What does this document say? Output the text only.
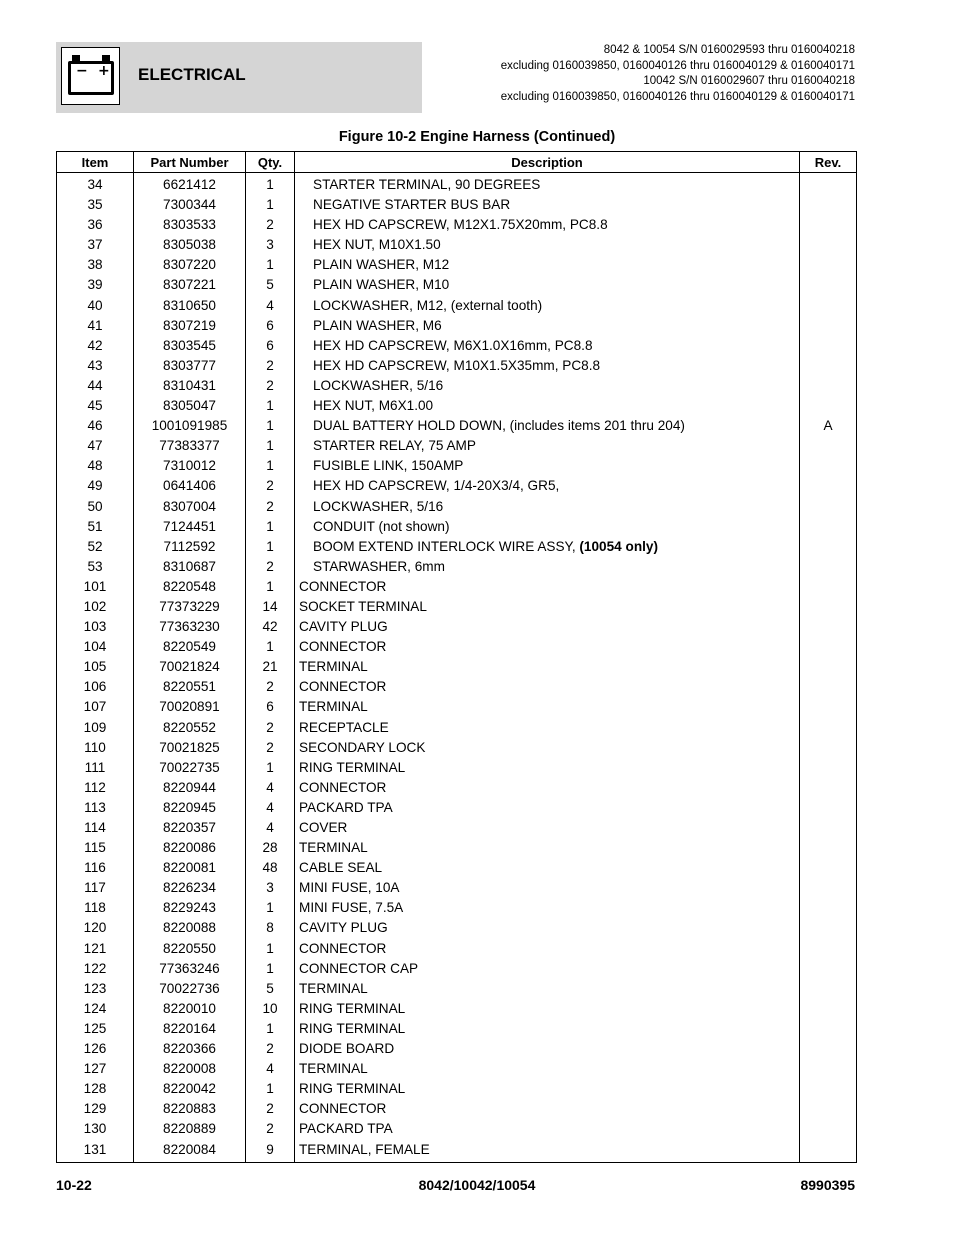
− + ELECTRICAL
8042 & 10054 S/N 0160029593 thru 0160040218
excluding 0160039850, 0160040126 thru 0160040129 & 0160040171
10042 S/N 0160029607 thru 0160040218
excluding 0160039850, 0160040126 thru 0160040129 & 0160040171
Figure 10-2 Engine Harness (Continued)
Item	Part Number	Qty.	Description	Rev.
34	6621412	1	STARTER TERMINAL, 90 DEGREES	
35	7300344	1	NEGATIVE STARTER BUS BAR	
36	8303533	2	HEX HD CAPSCREW, M12X1.75X20mm, PC8.8	
37	8305038	3	HEX NUT, M10X1.50	
38	8307220	1	PLAIN WASHER, M12	
39	8307221	5	PLAIN WASHER, M10	
40	8310650	4	LOCKWASHER, M12, (external tooth)	
41	8307219	6	PLAIN WASHER, M6	
42	8303545	6	HEX HD CAPSCREW, M6X1.0X16mm, PC8.8	
43	8303777	2	HEX HD CAPSCREW, M10X1.5X35mm, PC8.8	
44	8310431	2	LOCKWASHER, 5/16	
45	8305047	1	HEX NUT, M6X1.00	
46	1001091985	1	DUAL BATTERY HOLD DOWN, (includes items 201 thru 204)	A
47	77383377	1	STARTER RELAY, 75 AMP	
48	7310012	1	FUSIBLE LINK, 150AMP	
49	0641406	2	HEX HD CAPSCREW, 1/4-20X3/4, GR5,	
50	8307004	2	LOCKWASHER, 5/16	
51	7124451	1	CONDUIT (not shown)	
52	7112592	1	BOOM EXTEND INTERLOCK WIRE ASSY, (10054 only)	
53	8310687	2	STARWASHER, 6mm	
101	8220548	1	CONNECTOR	
102	77373229	14	SOCKET TERMINAL	
103	77363230	42	CAVITY PLUG	
104	8220549	1	CONNECTOR	
105	70021824	21	TERMINAL	
106	8220551	2	CONNECTOR	
107	70020891	6	TERMINAL	
109	8220552	2	RECEPTACLE	
110	70021825	2	SECONDARY LOCK	
111	70022735	1	RING TERMINAL	
112	8220944	4	CONNECTOR	
113	8220945	4	PACKARD TPA	
114	8220357	4	COVER	
115	8220086	28	TERMINAL	
116	8220081	48	CABLE SEAL	
117	8226234	3	MINI FUSE, 10A	
118	8229243	1	MINI FUSE, 7.5A	
120	8220088	8	CAVITY PLUG	
121	8220550	1	CONNECTOR	
122	77363246	1	CONNECTOR CAP	
123	70022736	5	TERMINAL	
124	8220010	10	RING TERMINAL	
125	8220164	1	RING TERMINAL	
126	8220366	2	DIODE BOARD	
127	8220008	4	TERMINAL	
128	8220042	1	RING TERMINAL	
129	8220883	2	CONNECTOR	
130	8220889	2	PACKARD TPA	
131	8220084	9	TERMINAL, FEMALE	
10-22	8042/10042/10054	8990395
